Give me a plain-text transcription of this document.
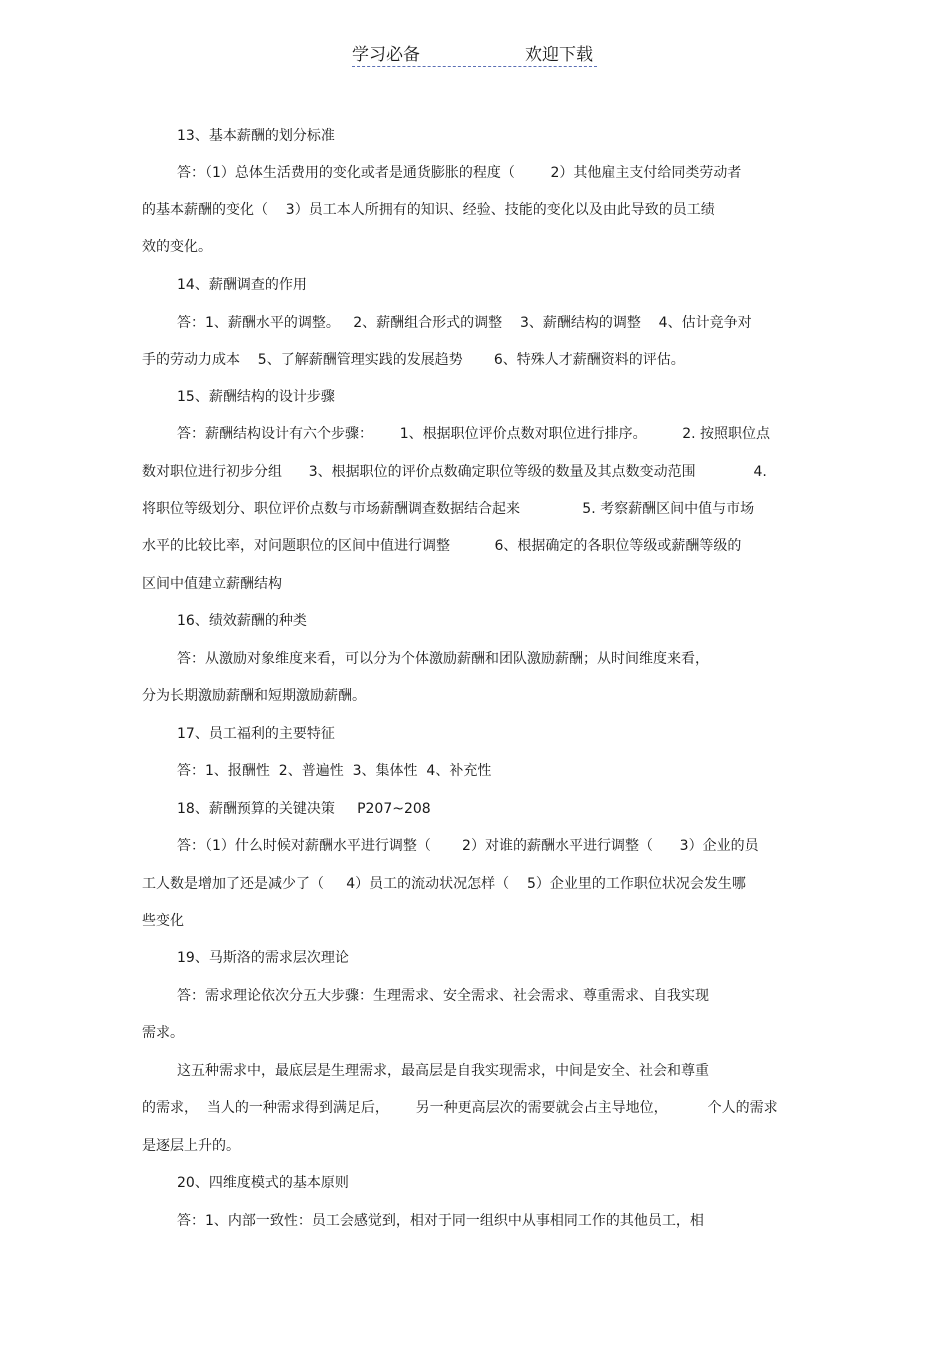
学习必备	欢迎下载

13、基本薪酬的划分标准

答：（1）总体生活费用的变化或者是通货膨胀的程度（        2）其他雇主支付给同类劳动者

的基本薪酬的变化（    3）员工本人所拥有的知识、经验、技能的变化以及由此导致的员工绩

效的变化。

14、薪酬调查的作用

答：1、薪酬水平的调整。   2、薪酬组合形式的调整    3、薪酬结构的调整    4、估计竞争对

手的劳动力成本    5、了解薪酬管理实践的发展趋势       6、特殊人才薪酬资料的评估。

15、薪酬结构的设计步骤

答：薪酬结构设计有六个步骤：      1、根据职位评价点数对职位进行排序。        2. 按照职位点

数对职位进行初步分组      3、根据职位的评价点数确定职位等级的数量及其点数变动范围             4.

将职位等级划分、职位评价点数与市场薪酬调查数据结合起来              5. 考察薪酬区间中值与市场

水平的比较比率，对问题职位的区间中值进行调整          6、根据确定的各职位等级或薪酬等级的

区间中值建立薪酬结构

16、绩效薪酬的种类

答：从激励对象维度来看，可以分为个体激励薪酬和团队激励薪酬；从时间维度来看，

分为长期激励薪酬和短期激励薪酬。

17、员工福利的主要特征

答：1、报酬性  2、普遍性  3、集体性  4、补充性

18、薪酬预算的关键决策     P207~208

答：（1）什么时候对薪酬水平进行调整（       2）对谁的薪酬水平进行调整（      3）企业的员

工人数是增加了还是减少了（     4）员工的流动状况怎样（    5）企业里的工作职位状况会发生哪

些变化

19、马斯洛的需求层次理论

答：需求理论依次分五大步骤：生理需求、安全需求、社会需求、尊重需求、自我实现

需求。

这五种需求中，最底层是生理需求，最高层是自我实现需求，中间是安全、社会和尊重

的需求，  当人的一种需求得到满足后，      另一种更高层次的需要就会占主导地位，         个人的需求

是逐层上升的。

20、四维度模式的基本原则

答：1、内部一致性：员工会感觉到，相对于同一组织中从事相同工作的其他员工，相
